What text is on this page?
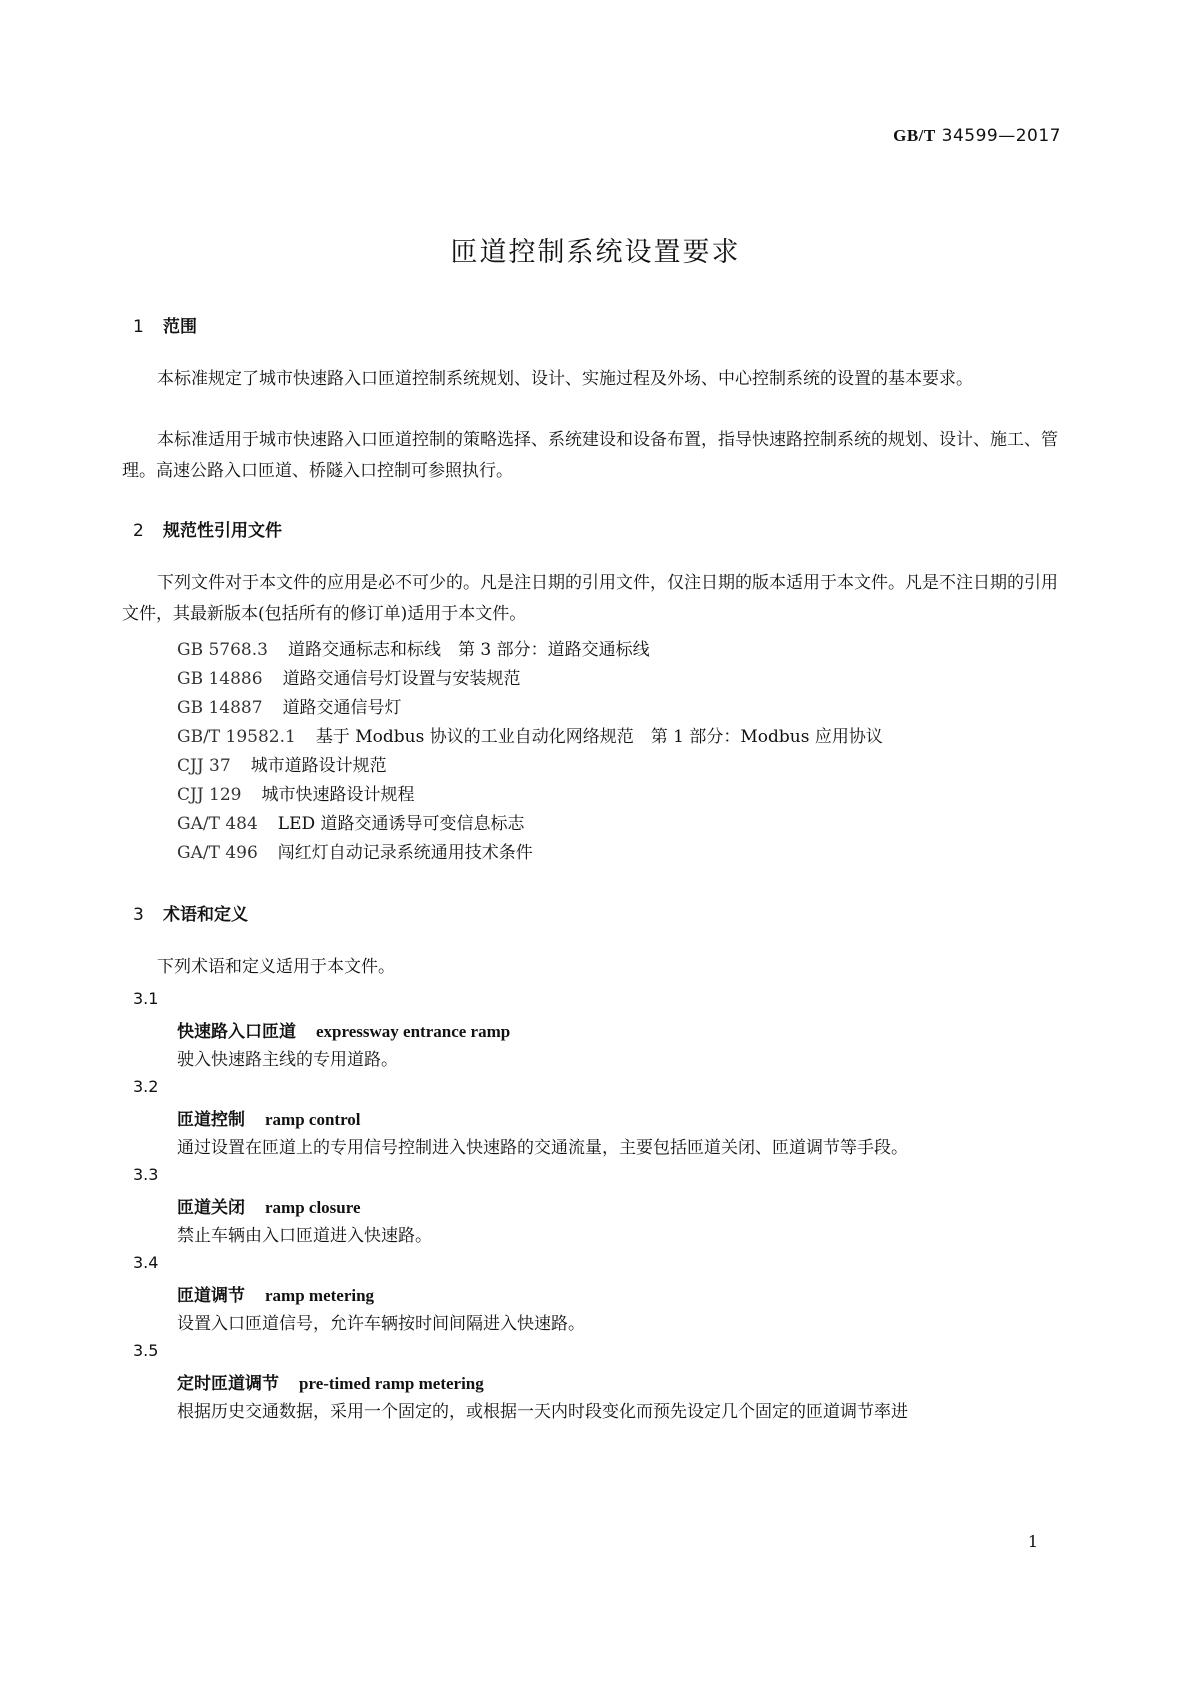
GB/T 34599—2017
匝道控制系统设置要求
1 范围
本标准规定了城市快速路入口匝道控制系统规划、设计、实施过程及外场、中心控制系统的设置的基本要求。
本标准适用于城市快速路入口匝道控制的策略选择、系统建设和设备布置，指导快速路控制系统的规划、设计、施工、管理。高速公路入口匝道、桥隧入口控制可参照执行。
2 规范性引用文件
下列文件对于本文件的应用是必不可少的。凡是注日期的引用文件，仅注日期的版本适用于本文件。凡是不注日期的引用文件，其最新版本(包括所有的修订单)适用于本文件。
GB 5768.3 道路交通标志和标线　第 3 部分：道路交通标线
GB 14886 道路交通信号灯设置与安装规范
GB 14887 道路交通信号灯
GB/T 19582.1 基于 Modbus 协议的工业自动化网络规范　第 1 部分：Modbus 应用协议
CJJ 37 城市道路设计规范
CJJ 129 城市快速路设计规程
GA/T 484 LED 道路交通诱导可变信息标志
GA/T 496 闯红灯自动记录系统通用技术条件
3 术语和定义
下列术语和定义适用于本文件。
3.1
快速路入口匝道 expressway entrance ramp
驶入快速路主线的专用道路。
3.2
匝道控制 ramp control
通过设置在匝道上的专用信号控制进入快速路的交通流量，主要包括匝道关闭、匝道调节等手段。
3.3
匝道关闭 ramp closure
禁止车辆由入口匝道进入快速路。
3.4
匝道调节 ramp metering
设置入口匝道信号，允许车辆按时间间隔进入快速路。
3.5
定时匝道调节 pre-timed ramp metering
根据历史交通数据，采用一个固定的，或根据一天内时段变化而预先设定几个固定的匝道调节率进
1
